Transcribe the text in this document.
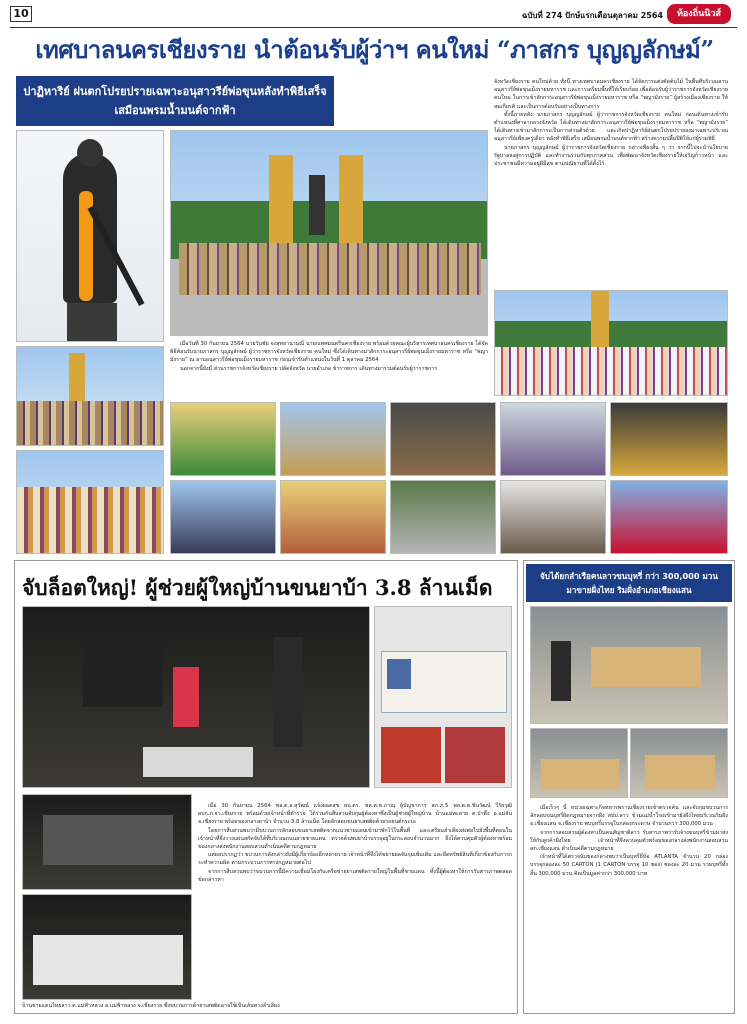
10	ฉบับที่ 274 ปักษ์แรกเดือนตุลาคม 2564	ท้องถิ่นนิวส์
เทศบาลนครเชียงราย นำต้อนรับผู้ว่าฯ คนใหม่ “ภาสกร บุญญลักษม์”
ปาฏิหาริย์ ฝนตกโปรยปรายเฉพาะอนุสาวรีย์พ่อขุนหลังทำพิธีเสร็จ
เสมือนพรมน้ำมนต์จากฟ้า

จังหวัดเชียงราย คนใหม่ด้วย ทั้งนี้ ทางเทศบาลนครเชียงราย ได้จัดการแต่งตัดต้นไม้ ในพื้นที่บริเวณลานอนุสาวรีย์พ่อขุนเม็งรายมหาราช และการเตรียมพื้นที่ให้เรียบร้อย เพื่อต้อนรับผู้ว่าราชการจังหวัดเชียงรายคนใหม่ ในการเข้าสักการะอนุสาวรีย์พ่อขุนเม็งรายมหาราช หรือ “พญามังราย” ผู้สร้างเมืองเชียงราย ให้สมเกียรติ และเป็นการต้อนรับอย่างเป็นทางการ

ทั้งนี้ภายหลัง นายภาสกร บุญญลักษม์ ผู้ว่าราชการจังหวัดเชียงราย คนใหม่ ก่อนเดินทางเข้ารับตำแหน่งที่ศาลากลางจังหวัด ได้เดินทางมาสักการะอนุสาวรีย์พ่อขุนเม็งรายมหาราช หรือ “พญามังราย” ได้เดินทางเข้ามาสักการะเป็นการส่วนตัวด้วย และเกิดปาฏิหาริย์ฝนตกโปรยปรายลงมาเฉพาะบริเวณอนุสาวรีย์เพียงครู่เดียว หลังทำพิธีเสร็จ เสมือนพรมน้ำมนต์จากฟ้า สร้างความปลื้มปีติให้แก่ผู้ร่วมพิธี

นายภาสกร บุญญลักษม์ ผู้ว่าราชการจังหวัดเชียงราย กล่าวเพียงสั้น ๆ ว่า จากนี้ไปจะนำนโยบายรัฐบาลลงสู่การปฏิบัติ และทำงานร่วมกับทุกภาคส่วน เพื่อพัฒนาจังหวัดเชียงรายให้เจริญก้าวหน้า และประชาชนมีความอยู่ดีมีสุข ตามปณิธานที่ได้ตั้งไว้

เมื่อวันที่ 30 กันยายน 2564 นายวันชัย จงสุทธานามณี นายกเทศมนตรีนครเชียงราย พร้อมด้วยคณะผู้บริหารเทศบาลนครเชียงราย ได้จัดพิธีต้อนรับนายภาสกร บุญญลักษม์ ผู้ว่าราชการจังหวัดเชียงราย คนใหม่ ซึ่งได้เดินทางมาสักการะอนุสาวรีย์พ่อขุนเม็งรายมหาราช หรือ “พญามังราย” ณ ลานอนุสาวรีย์พ่อขุนเม็งรายมหาราช ก่อนเข้ารับตำแหน่งในวันที่ 1 ตุลาคม 2564

นอกจากนี้ยังมี ส่วนราชการจังหวัดเชียงราย ปลัดจังหวัด นายอำเภอ ข้าราชการ เดินทางมาร่วมต้อนรับผู้ว่าราชการ

จับล็อตใหญ่! ผู้ช่วยผู้ใหญ่บ้านขนยาบ้า 3.8 ล้านเม็ด

เมื่อ 30 กันยายน 2564 พล.ต.อ.สุวัฒน์ แจ้งยอดสุข ผบ.ตร. พล.ต.ท.ภาณุ ผู้บัญชาการ สภ.ภ.5 พล.ต.ต.ชินวัฒน์ วีรัยวุฒิ ผบก.ภ.จว.เชียงราย พร้อมด้วยเจ้าหน้าที่ตำรวจ ได้ร่วมกันสืบสวนจับกุมผู้ต้องหาซึ่งเป็นผู้ช่วยผู้ใหญ่บ้าน บ้านแม่ทะลาย ต.ป่าตึง อ.แม่จัน จ.เชียงราย พร้อมของกลางยาบ้า จำนวน 3.8 ล้านเม็ด โดยลักลอบขนยาเสพติดด้วยรถยนต์กระบะ

โดยการสืบสวนพบว่ามีขบวนการลักลอบขนยาเสพติดจากแนวชายแดนเข้ามาพักไว้ในพื้นที่ และเตรียมลำเลียงส่งต่อไปยังพื้นที่ตอนใน เจ้าหน้าที่จึงวางแผนสกัดจับได้ที่บริเวณถนนสายชายแดน ตรวจค้นพบยาบ้าบรรจุอยู่ในกระสอบจำนวนมาก จึงได้ควบคุมตัวผู้ต้องหาพร้อมของกลางส่งพนักงานสอบสวนดำเนินคดีตามกฎหมาย

แต่ผลปรากฏว่า ขบวนการดังกล่าวยังมีผู้เกี่ยวข้องอีกหลายราย เจ้าหน้าที่จึงได้ขยายผลจับกุมเพิ่มเติม และยึดทรัพย์สินที่เกี่ยวข้องกับการกระทำความผิด ตามกระบวนการทางกฎหมายต่อไป

จากการสืบสวนพบว่าขบวนการนี้มีความเชื่อมโยงกับเครือข่ายยาเสพติดรายใหญ่ในพื้นที่ชายแดน ทั้งนี้ผู้ต้องหาให้การรับสารภาพตลอดข้อกล่าวหา

บ้านชายแดนไทยลาว ต.แม่ฟ้าหลวง อ.แม่ฟ้าหลวง จ.เชียงราย ซึ่งขบวนการค้ายาเสพติดอาจใช้เป็นเส้นทางลำเลียง
จับได้ยกลำเรือคนลาวขนบุหรี่ กว่า 300,000 มวน
มาขายฝั่งไทย ริมฝั่งอำเภอเชียงแสน

เมื่อเร็วๆ นี้ หน่วยเฉพาะกิจทหารพรานเชียงรายเข้าตรวจค้น และจับกุมขบวนการลักลอบขนบุหรี่ผิดกฎหมายจากฝั่ง สปป.ลาว ข้ามแม่น้ำโขงเข้ามายังฝั่งไทยบริเวณริมฝั่ง อ.เชียงแสน จ.เชียงราย พบบุหรี่บรรจุในกล่องกระดาษ จำนวนกว่า 300,000 มวน

จากการสอบสวนผู้ต้องหาเป็นคนสัญชาติลาว รับสารภาพว่ารับจ้างขนบุหรี่ข้ามมาส่งให้กับลูกค้าฝั่งไทย เจ้าหน้าที่จึงควบคุมตัวพร้อมของกลางส่งพนักงานสอบสวน สภ.เชียงแสน ดำเนินคดีตามกฎหมาย

เจ้าหน้าที่ได้ตรวจนับของกลางพบว่าเป็นบุหรี่ยี่ห้อ ATLANTA จำนวน 20 กล่อง บรรจุกล่องละ 50 CARTON (1 CARTON บรรจุ 10 ซอง) ซองละ 20 มวน รวมบุหรี่ทั้งสิ้น 300,000 มวน คิดเป็นมูลค่ากว่า 300,000 บาท
